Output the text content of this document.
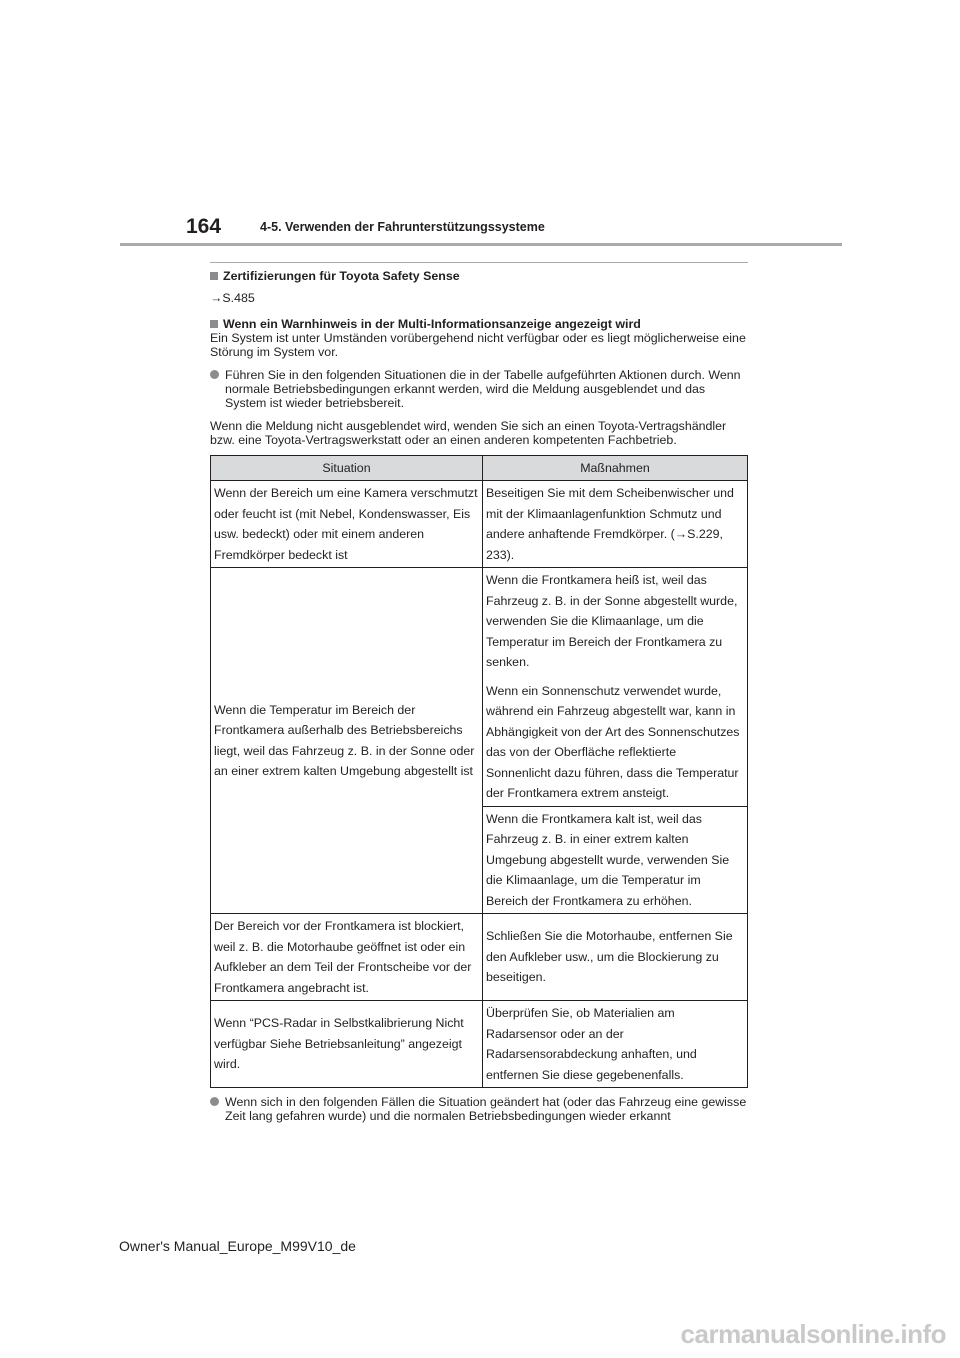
164	4-5. Verwenden der Fahrunterstützungssysteme

Zertifizierungen für Toyota Safety Sense

→S.485

Wenn ein Warnhinweis in der Multi-Informationsanzeige angezeigt wird

Ein System ist unter Umständen vorübergehend nicht verfügbar oder es liegt möglicherweise eine Störung im System vor.

Führen Sie in den folgenden Situationen die in der Tabelle aufgeführten Aktionen durch. Wenn normale Betriebsbedingungen erkannt werden, wird die Meldung ausgeblendet und das System ist wieder betriebsbereit.

Wenn die Meldung nicht ausgeblendet wird, wenden Sie sich an einen Toyota-Vertragshändler bzw. eine Toyota-Vertragswerkstatt oder an einen anderen kompetenten Fachbetrieb.

Situation	Maßnahmen
Wenn der Bereich um eine Kamera verschmutzt oder feucht ist (mit Nebel, Kondenswasser, Eis usw. bedeckt) oder mit einem anderen Fremdkörper bedeckt ist	Beseitigen Sie mit dem Scheibenwischer und mit der Klimaanlagenfunktion Schmutz und andere anhaftende Fremdkörper. (→S.229, 233).
Wenn die Temperatur im Bereich der Frontkamera außerhalb des Betriebsbereichs liegt, weil das Fahrzeug z. B. in der Sonne oder an einer extrem kalten Umgebung abgestellt ist	Wenn die Frontkamera heiß ist, weil das Fahrzeug z. B. in der Sonne abgestellt wurde, verwenden Sie die Klimaanlage, um die Temperatur im Bereich der Frontkamera zu senken.

Wenn ein Sonnenschutz verwendet wurde, während ein Fahrzeug abgestellt war, kann in Abhängigkeit von der Art des Sonnenschutzes das von der Oberfläche reflektierte Sonnenlicht dazu führen, dass die Temperatur der Frontkamera extrem ansteigt.

	Wenn die Frontkamera kalt ist, weil das Fahrzeug z. B. in einer extrem kalten Umgebung abgestellt wurde, verwenden Sie die Klimaanlage, um die Temperatur im Bereich der Frontkamera zu erhöhen.
Der Bereich vor der Frontkamera ist blockiert, weil z. B. die Motorhaube geöffnet ist oder ein Aufkleber an dem Teil der Frontscheibe vor der Frontkamera angebracht ist.	Schließen Sie die Motorhaube, entfernen Sie den Aufkleber usw., um die Blockierung zu beseitigen.
Wenn “PCS-Radar in Selbstkalibrierung Nicht verfügbar Siehe Betriebsanleitung” angezeigt wird.	Überprüfen Sie, ob Materialien am Radarsensor oder an der Radarsensorabdeckung anhaften, und entfernen Sie diese gegebenenfalls.
Wenn sich in den folgenden Fällen die Situation geändert hat (oder das Fahrzeug eine gewisse Zeit lang gefahren wurde) und die normalen Betriebsbedingungen wieder erkannt
Owner's Manual_Europe_M99V10_de
carmanualsonline.info
